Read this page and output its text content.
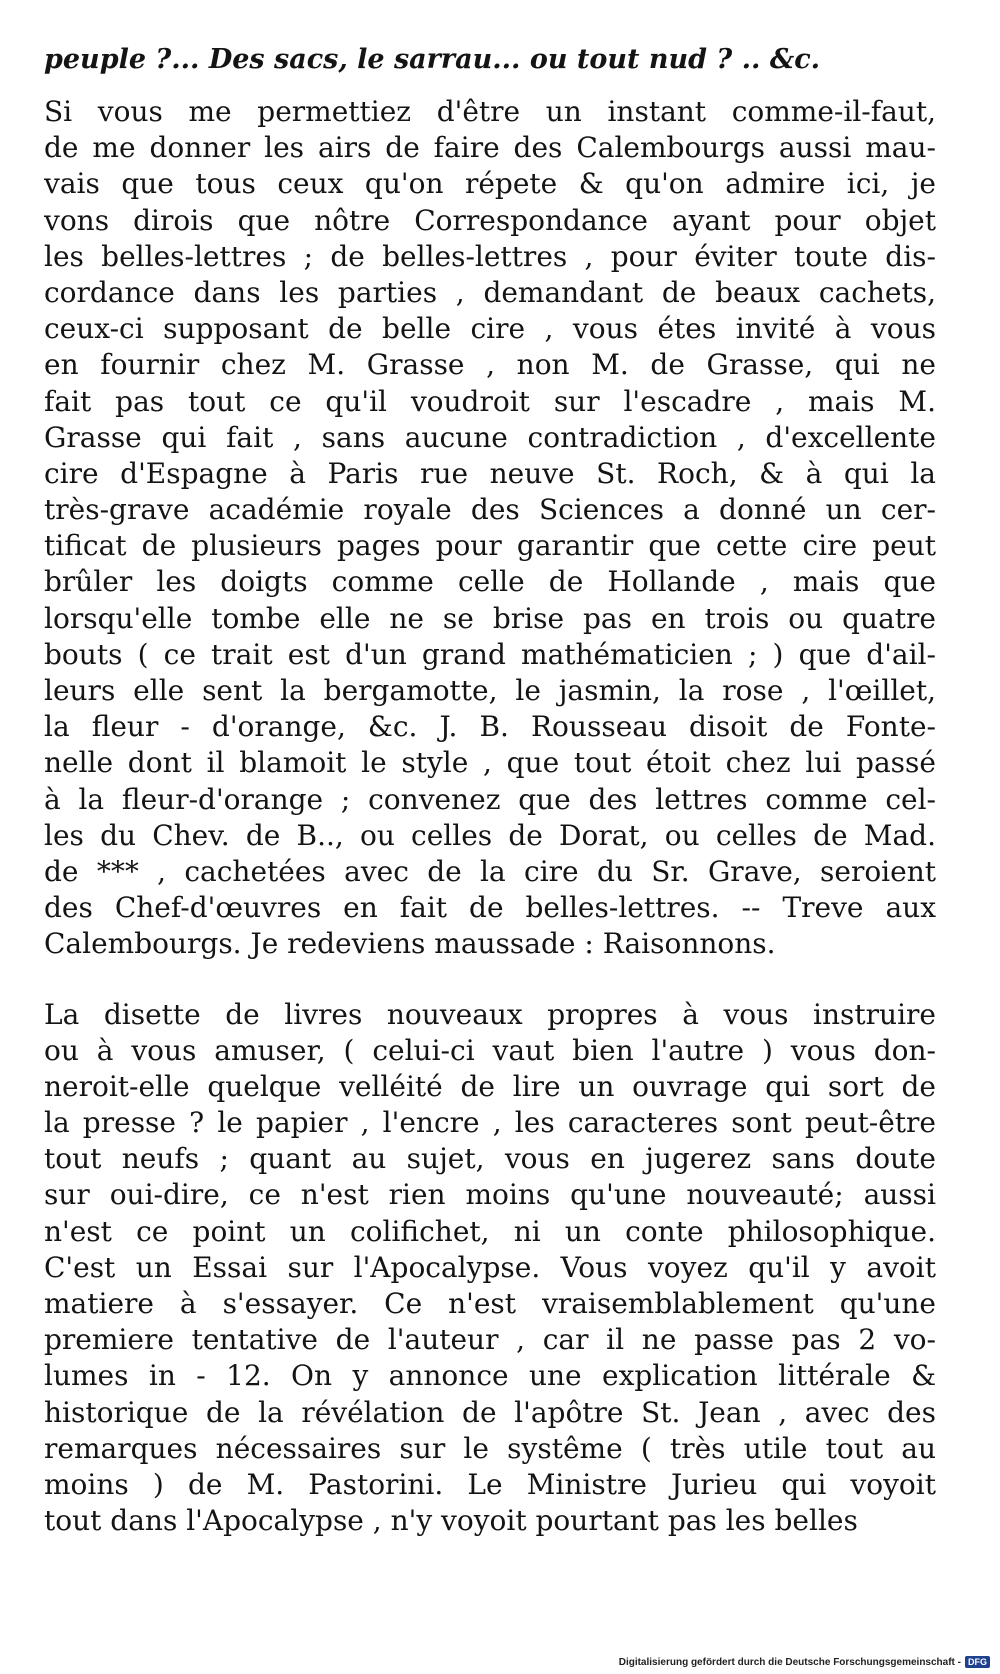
peuple ?... Des sacs, le sarrau... ou tout nud ? .. &c.
Si vous me permettiez d'être un instant comme-il-faut,
de me donner les airs de faire des Calembourgs aussi mau-
vais que tous ceux qu'on répete & qu'on admire ici, je
vons dirois que nôtre Correspondance ayant pour objet
les belles-lettres ; de belles-lettres , pour éviter toute dis-
cordance dans les parties , demandant de beaux cachets,
ceux-ci supposant de belle cire , vous étes invité à vous
en fournir chez M. Grasse , non M. de Grasse, qui ne
fait pas tout ce qu'il voudroit sur l'escadre , mais M.
Grasse qui fait , sans aucune contradiction , d'excellente
cire d'Espagne à Paris rue neuve St. Roch, & à qui la
très-grave académie royale des Sciences a donné un cer-
tificat de plusieurs pages pour garantir que cette cire peut
brûler les doigts comme celle de Hollande , mais que
lorsqu'elle tombe elle ne se brise pas en trois ou quatre
bouts ( ce trait est d'un grand mathématicien ; ) que d'ail-
leurs elle sent la bergamotte, le jasmin, la rose , l'œillet,
la fleur - d'orange, &c. J. B. Rousseau disoit de Fonte-
nelle dont il blamoit le style , que tout étoit chez lui passé
à la fleur-d'orange ; convenez que des lettres comme cel-
les du Chev. de B.., ou celles de Dorat, ou celles de Mad.
de *** , cachetées avec de la cire du Sr. Grave, seroient
des Chef-d'œuvres en fait de belles-lettres. -- Treve aux
Calembourgs. Je redeviens maussade : Raisonnons.
La disette de livres nouveaux propres à vous instruire
ou à vous amuser, ( celui-ci vaut bien l'autre ) vous don-
neroit-elle quelque velléité de lire un ouvrage qui sort de
la presse ? le papier , l'encre , les caracteres sont peut-être
tout neufs ; quant au sujet, vous en jugerez sans doute
sur oui-dire, ce n'est rien moins qu'une nouveauté; aussi
n'est ce point un colifichet, ni un conte philosophique.
C'est un Essai sur l'Apocalypse. Vous voyez qu'il y avoit
matiere à s'essayer. Ce n'est vraisemblablement qu'une
premiere tentative de l'auteur , car il ne passe pas 2 vo-
lumes in - 12. On y annonce une explication littérale &
historique de la révélation de l'apôtre St. Jean , avec des
remarques nécessaires sur le systême ( très utile tout au
moins ) de M. Pastorini. Le Ministre Jurieu qui voyoit
tout dans l'Apocalypse , n'y voyoit pourtant pas les belles
Digitalisierung gefördert durch die Deutsche Forschungsgemeinschaft - DFG
